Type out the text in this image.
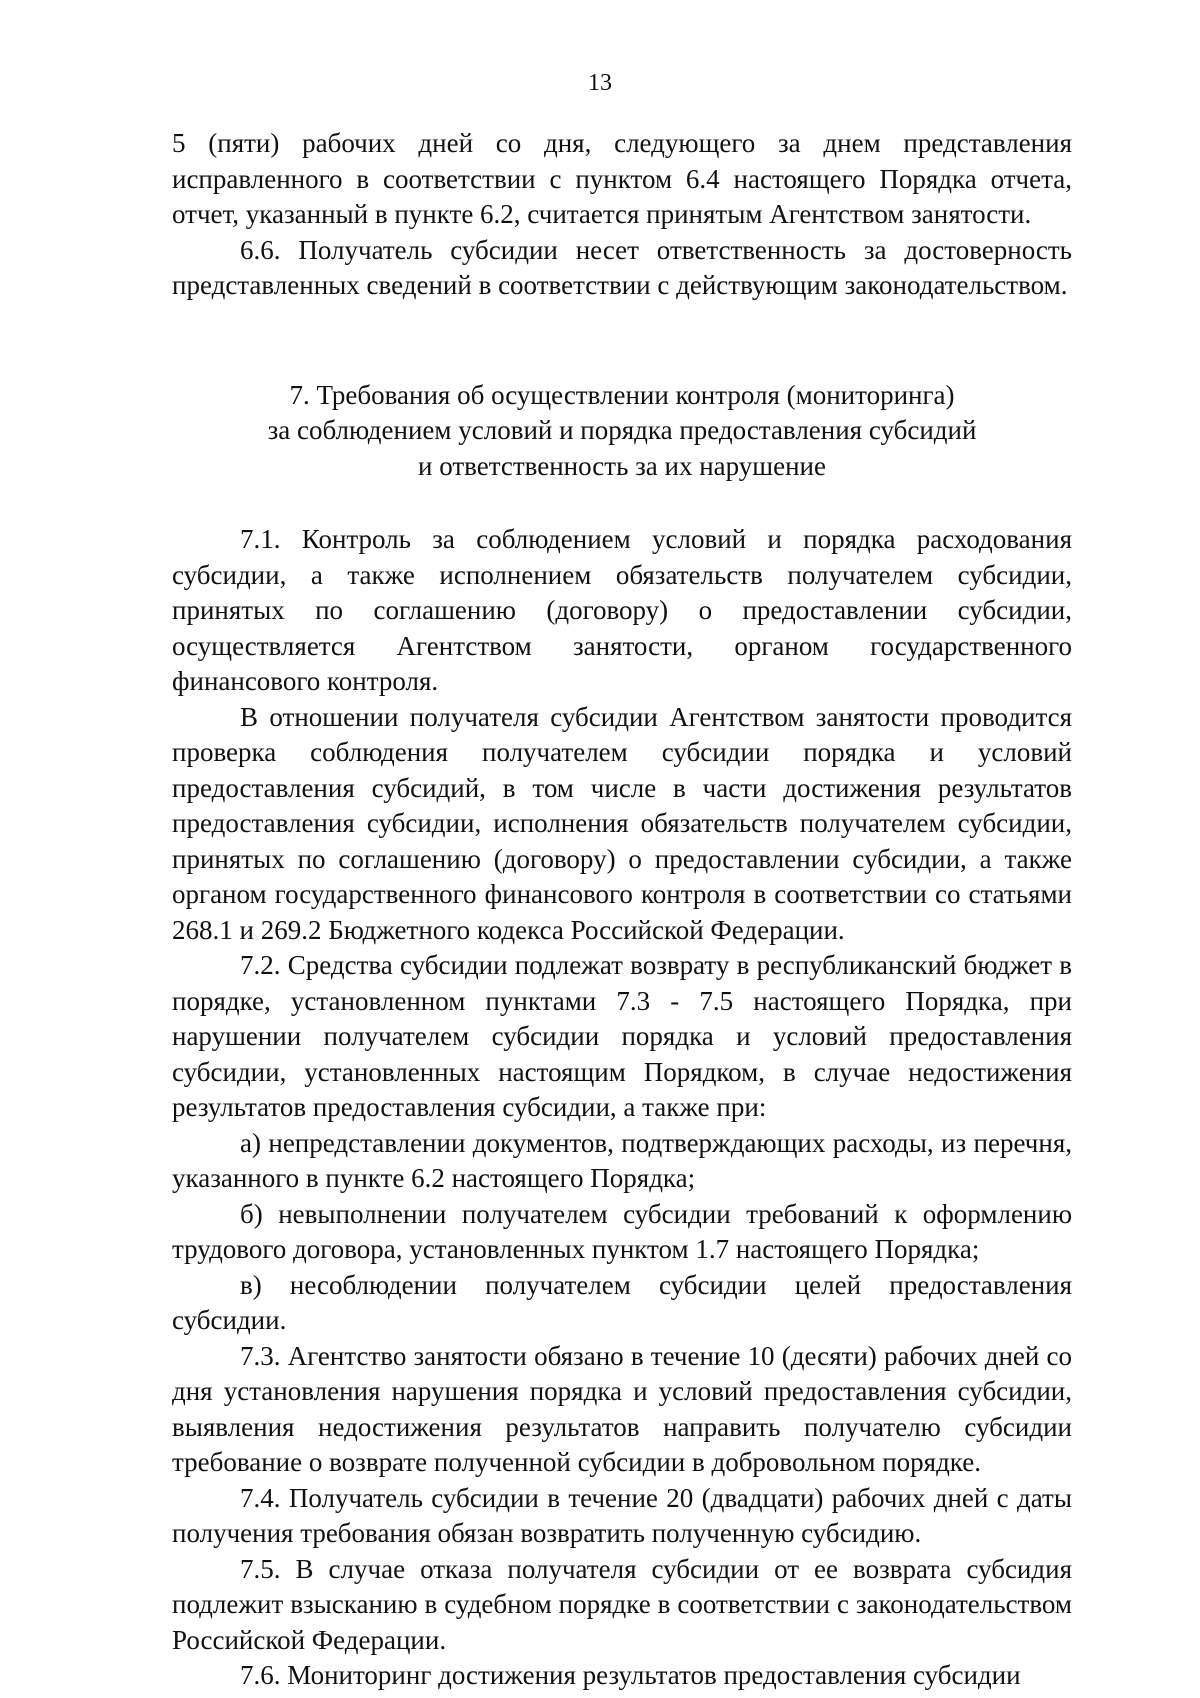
13

5 (пяти) рабочих дней со дня, следующего за днем представления исправленного в соответствии с пунктом 6.4 настоящего Порядка отчета, отчет, указанный в пункте 6.2, считается принятым Агентством занятости.

6.6. Получатель субсидии несет ответственность за достоверность представленных сведений в соответствии с действующим законодательством.

7. Требования об осуществлении контроля (мониторинга)
за соблюдением условий и порядка предоставления субсидий
и ответственность за их нарушение

7.1. Контроль за соблюдением условий и порядка расходования субсидии, а также исполнением обязательств получателем субсидии, принятых по соглашению (договору) о предоставлении субсидии, осуществляется Агентством занятости, органом государственного финансового контроля.

В отношении получателя субсидии Агентством занятости проводится проверка соблюдения получателем субсидии порядка и условий предоставления субсидий, в том числе в части достижения результатов предоставления субсидии, исполнения обязательств получателем субсидии, принятых по соглашению (договору) о предоставлении субсидии, а также органом государственного финансового контроля в соответствии со статьями 268.1 и 269.2 Бюджетного кодекса Российской Федерации.

7.2. Средства субсидии подлежат возврату в республиканский бюджет в порядке, установленном пунктами 7.3 - 7.5 настоящего Порядка, при нарушении получателем субсидии порядка и условий предоставления субсидии, установленных настоящим Порядком, в случае недостижения результатов предоставления субсидии, а также при:

а) непредставлении документов, подтверждающих расходы, из перечня, указанного в пункте 6.2 настоящего Порядка;

б) невыполнении получателем субсидии требований к оформлению трудового договора, установленных пунктом 1.7 настоящего Порядка;

в) несоблюдении получателем субсидии целей предоставления субсидии.

7.3. Агентство занятости обязано в течение 10 (десяти) рабочих дней со дня установления нарушения порядка и условий предоставления субсидии, выявления недостижения результатов направить получателю субсидии требование о возврате полученной субсидии в добровольном порядке.

7.4. Получатель субсидии в течение 20 (двадцати) рабочих дней с даты получения требования обязан возвратить полученную субсидию.

7.5. В случае отказа получателя субсидии от ее возврата субсидия подлежит взысканию в судебном порядке в соответствии с законодательством Российской Федерации.

7.6. Мониторинг достижения результатов предоставления субсидии
